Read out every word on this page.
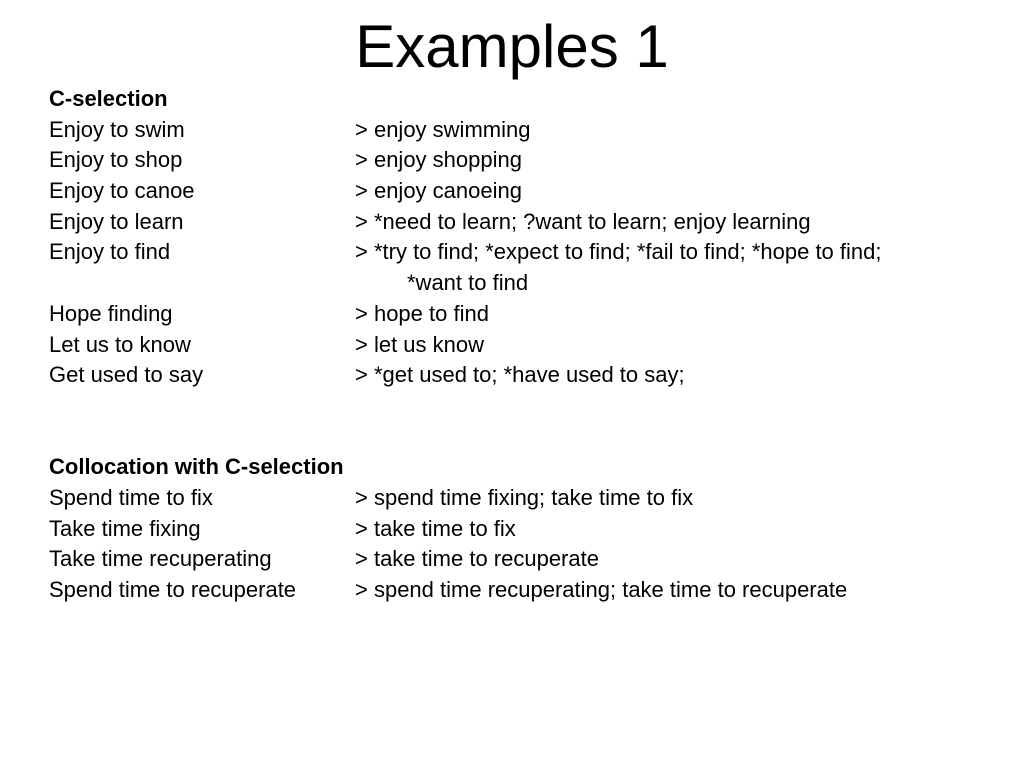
Examples 1
C-selection
Enjoy to swim	> enjoy swimming
Enjoy to shop	> enjoy shopping
Enjoy to canoe	> enjoy canoeing
Enjoy to learn	> *need to learn; ?want to learn; enjoy learning
Enjoy to find	> *try to find; *expect to find; *fail to find; *hope to find;
*want to find
Hope finding	> hope to find
Let us to know	> let us know
Get used to say	> *get used to; *have used to say;
Collocation with C-selection
Spend time to fix	> spend time fixing; take time to fix
Take time fixing	> take time to fix
Take time recuperating	> take time to recuperate
Spend time to recuperate	> spend time recuperating; take time to recuperate
